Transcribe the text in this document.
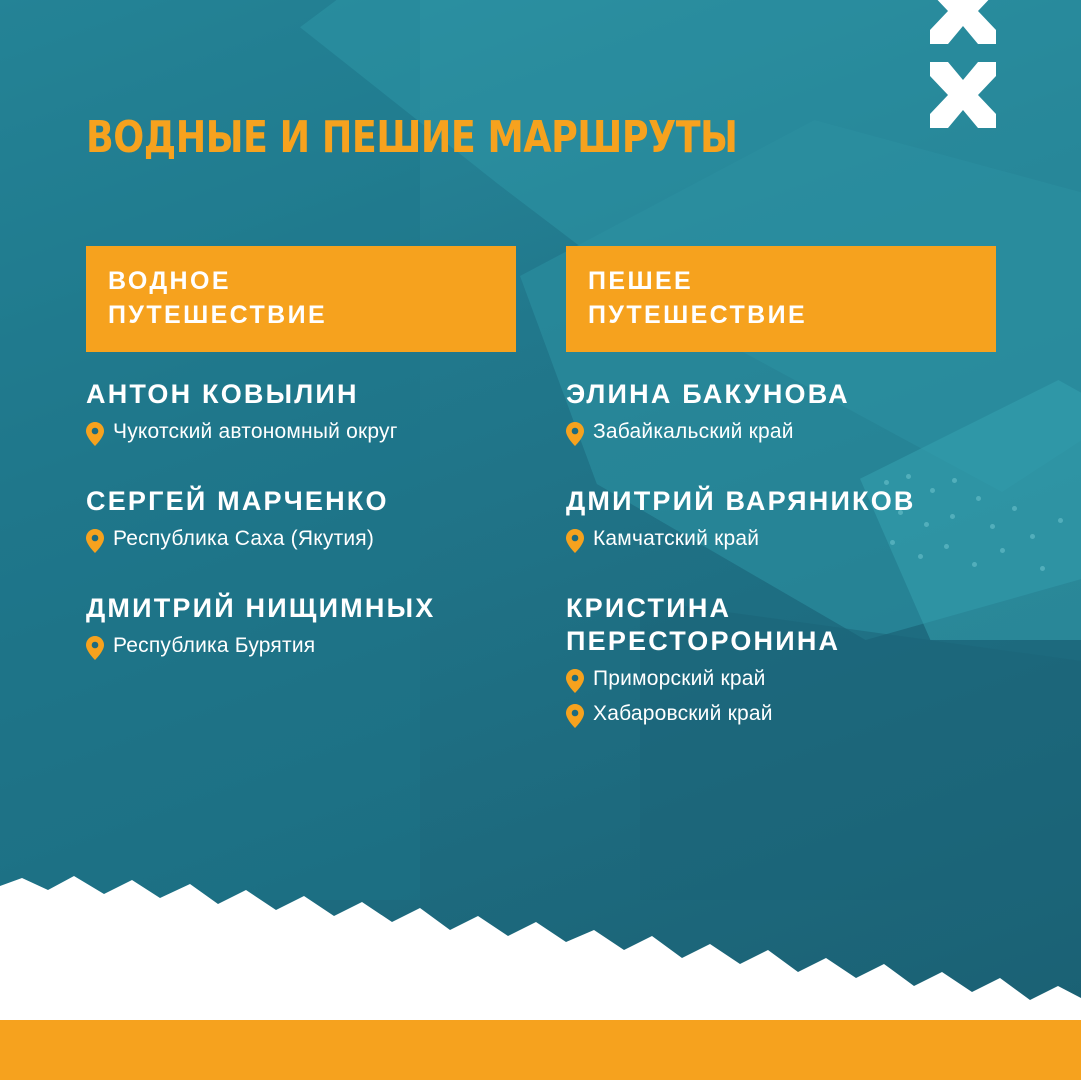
ВОДНЫЕ И ПЕШИЕ МАРШРУТЫ
ВОДНОЕ
ПУТЕШЕСТВИЕ
АНТОН КОВЫЛИН
Чукотский автономный округ
СЕРГЕЙ МАРЧЕНКО
Республика Саха (Якутия)
ДМИТРИЙ НИЩИМНЫХ
Республика Бурятия
ПЕШЕЕ
ПУТЕШЕСТВИЕ
ЭЛИНА БАКУНОВА
Забайкальский край
ДМИТРИЙ ВАРЯНИКОВ
Камчатский край
КРИСТИНА ПЕРЕСТОРОНИНА
Приморский край
Хабаровский край
